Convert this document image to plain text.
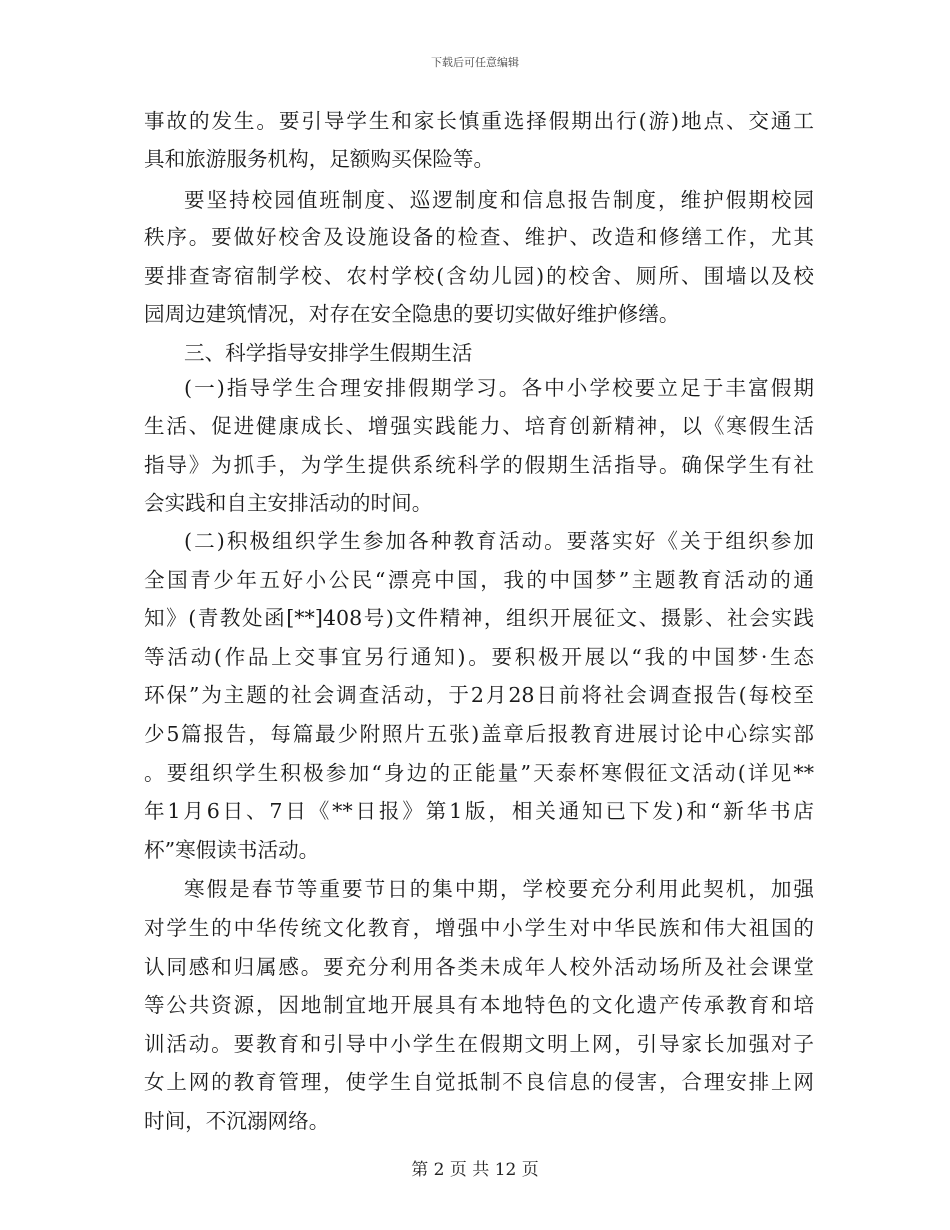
下载后可任意编辑
事故的发生。要引导学生和家长慎重选择假期出行(游)地点、交通工
具和旅游服务机构，足额购买保险等。
要坚持校园值班制度、巡逻制度和信息报告制度，维护假期校园
秩序。要做好校舍及设施设备的检查、维护、改造和修缮工作，尤其
要排查寄宿制学校、农村学校(含幼儿园)的校舍、厕所、围墙以及校
园周边建筑情况，对存在安全隐患的要切实做好维护修缮。
三、科学指导安排学生假期生活
(一)指导学生合理安排假期学习。各中小学校要立足于丰富假期
生活、促进健康成长、增强实践能力、培育创新精神，以《寒假生活
指导》为抓手，为学生提供系统科学的假期生活指导。确保学生有社
会实践和自主安排活动的时间。
(二)积极组织学生参加各种教育活动。要落实好《关于组织参加
全国青少年五好小公民“漂亮中国，我的中国梦”主题教育活动的通
知》(青教处函[**]408号)文件精神，组织开展征文、摄影、社会实践
等活动(作品上交事宜另行通知)。要积极开展以“我的中国梦·生态
环保”为主题的社会调查活动，于2月28日前将社会调查报告(每校至
少5篇报告，每篇最少附照片五张)盖章后报教育进展讨论中心综实部
。要组织学生积极参加“身边的正能量”天泰杯寒假征文活动(详见**
年1月6日、7日《**日报》第1版，相关通知已下发)和“新华书店
杯”寒假读书活动。
寒假是春节等重要节日的集中期，学校要充分利用此契机，加强
对学生的中华传统文化教育，增强中小学生对中华民族和伟大祖国的
认同感和归属感。要充分利用各类未成年人校外活动场所及社会课堂
等公共资源，因地制宜地开展具有本地特色的文化遗产传承教育和培
训活动。要教育和引导中小学生在假期文明上网，引导家长加强对子
女上网的教育管理，使学生自觉抵制不良信息的侵害，合理安排上网
时间，不沉溺网络。
第 2 页 共 12 页
